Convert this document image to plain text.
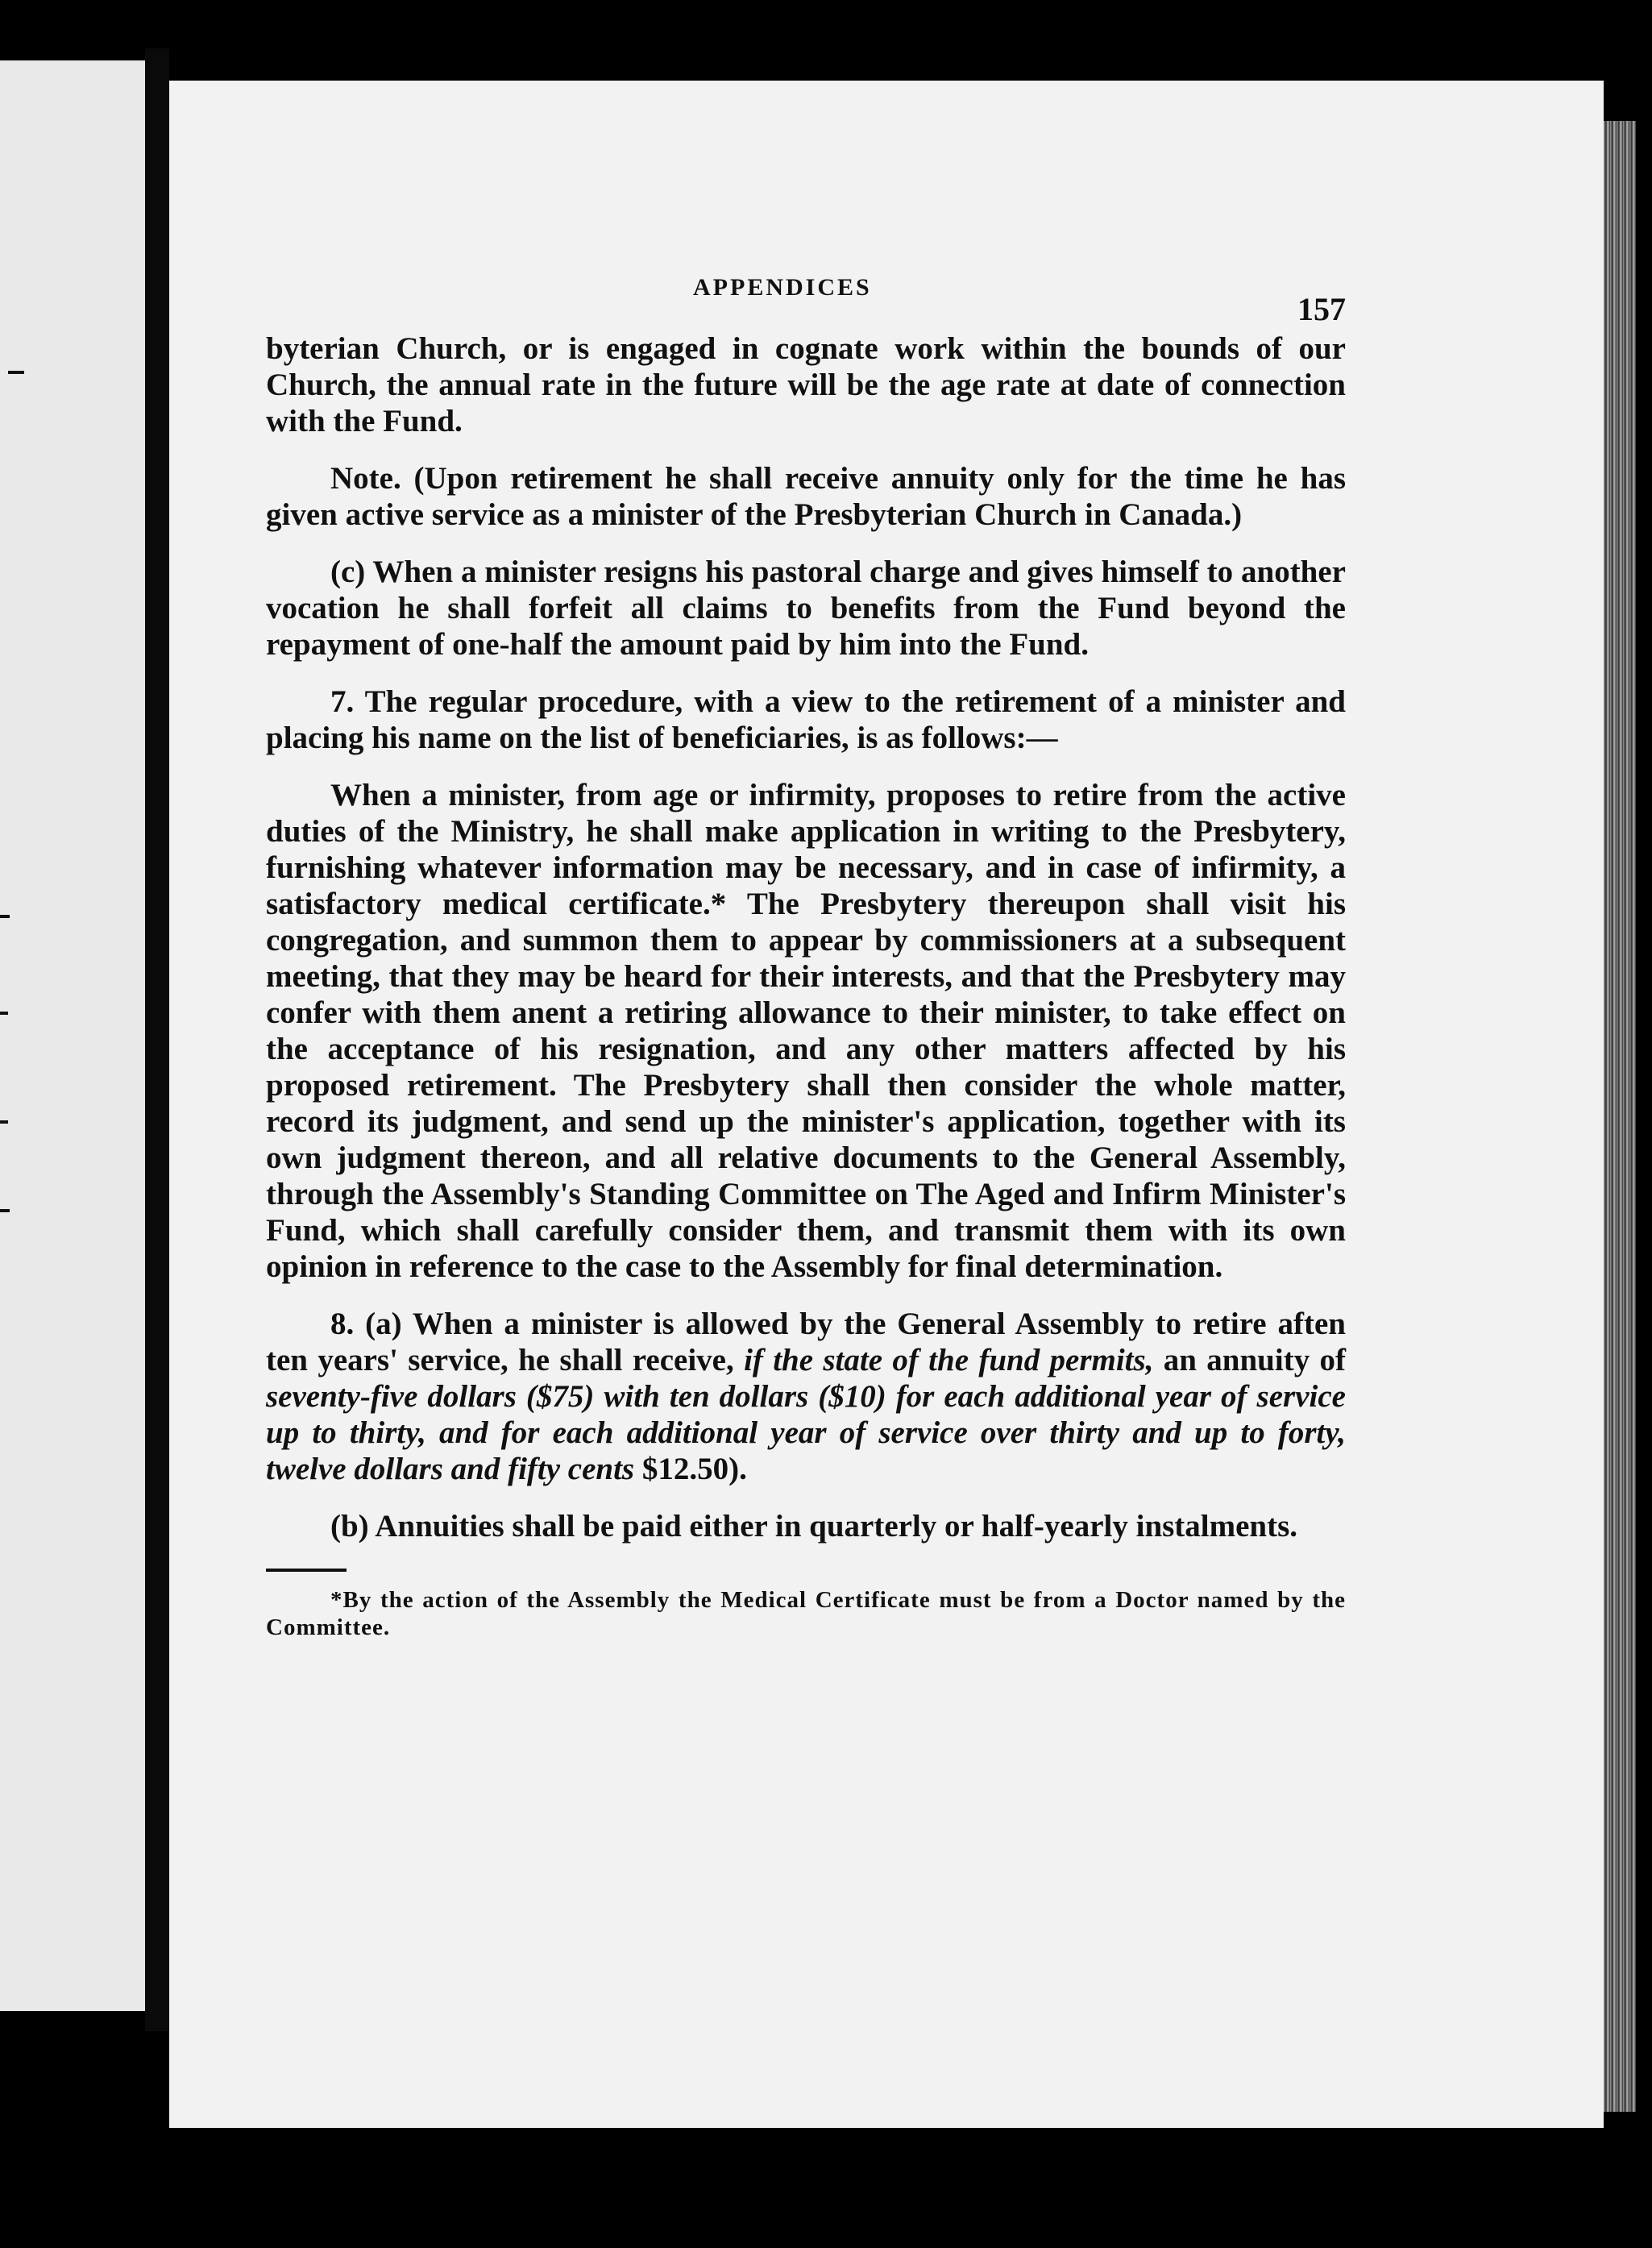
APPENDICES
157

byterian Church, or is engaged in cognate work within the bounds of our Church, the annual rate in the future will be the age rate at date of connection with the Fund.

Note. (Upon retirement he shall receive annuity only for the time he has given active service as a minister of the Presbyterian Church in Canada.)

(c) When a minister resigns his pastoral charge and gives himself to another vocation he shall forfeit all claims to benefits from the Fund beyond the repayment of one-half the amount paid by him into the Fund.

7. The regular procedure, with a view to the retirement of a minister and placing his name on the list of beneficiaries, is as follows:—

When a minister, from age or infirmity, proposes to retire from the active duties of the Ministry, he shall make application in writing to the Presbytery, furnishing whatever information may be necessary, and in case of infirmity, a satisfactory medical certificate.* The Presbytery thereupon shall visit his congregation, and summon them to appear by commissioners at a subsequent meeting, that they may be heard for their interests, and that the Presbytery may confer with them anent a retiring allowance to their minister, to take effect on the acceptance of his resignation, and any other matters affected by his proposed retirement. The Presbytery shall then consider the whole matter, record its judgment, and send up the minister's application, together with its own judgment thereon, and all relative documents to the General Assembly, through the Assembly's Standing Committee on The Aged and Infirm Minister's Fund, which shall carefully consider them, and transmit them with its own opinion in reference to the case to the Assembly for final determination.

8. (a) When a minister is allowed by the General Assembly to retire aften ten years' service, he shall receive, if the state of the fund permits, an annuity of seventy-five dollars ($75) with ten dollars ($10) for each additional year of service up to thirty, and for each additional year of service over thirty and up to forty, twelve dollars and fifty cents $12.50).

(b) Annuities shall be paid either in quarterly or half-yearly instalments.

*By the action of the Assembly the Medical Certificate must be from a Doctor named by the Committee.
